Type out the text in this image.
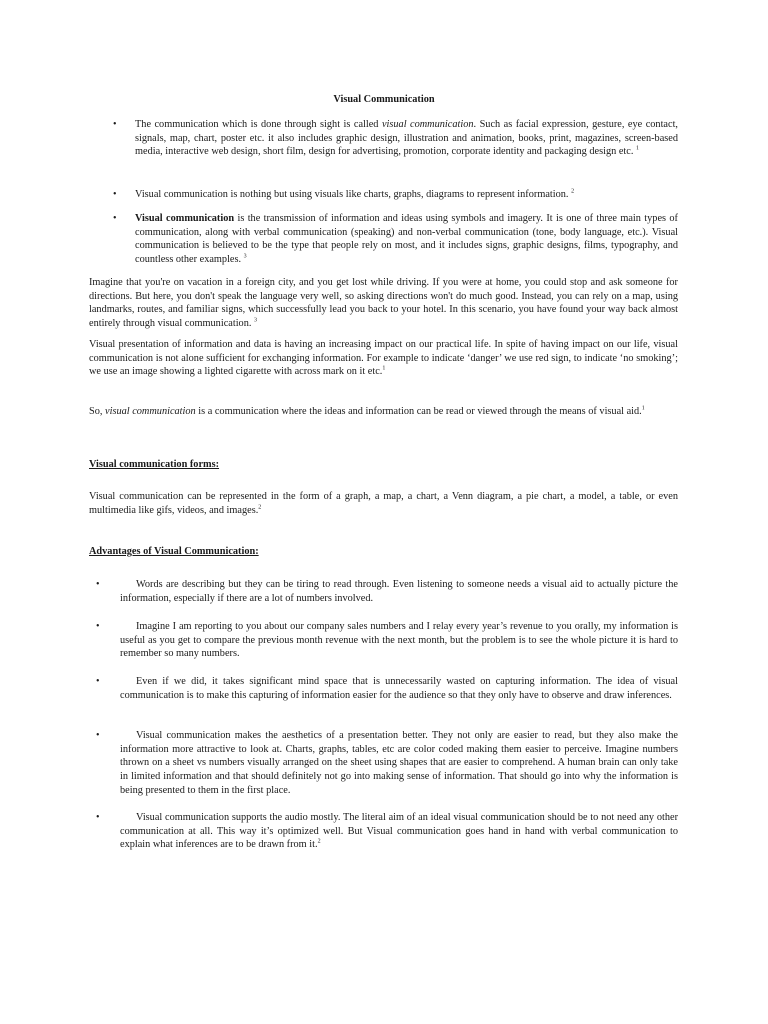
Visual Communication

• The communication which is done through sight is called visual communication. Such as facial expression, gesture, eye contact, signals, map, chart, poster etc. it also includes graphic design, illustration and animation, books, print, magazines, screen-based media, interactive web design, short film, design for advertising, promotion, corporate identity and packaging design etc. $^1$
• Visual communication is nothing but using visuals like charts, graphs, diagrams to represent information. $^2$
• Visual communication is the transmission of information and ideas using symbols and imagery. It is one of three main types of communication, along with verbal communication (speaking) and non-verbal communication (tone, body language, etc.). Visual communication is believed to be the type that people rely on most, and it includes signs, graphic designs, films, typography, and countless other examples. $^3$

Imagine that you're on vacation in a foreign city, and you get lost while driving. If you were at home, you could stop and ask someone for directions. But here, you don't speak the language very well, so asking directions won't do much good. Instead, you can rely on a map, using landmarks, routes, and familiar signs, which successfully lead you back to your hotel. In this scenario, you have found your way back almost entirely through visual communication. $^3$

Visual presentation of information and data is having an increasing impact on our practical life. In spite of having impact on our life, visual communication is not alone sufficient for exchanging information. For example to indicate ‘danger’ we use red sign, to indicate ‘no smoking’; we use an image showing a lighted cigarette with across mark on it etc.$^1$

So, visual communication is a communication where the ideas and information can be read or viewed through the means of visual aid.$^1$

Visual communication forms:

Visual communication can be represented in the form of a graph, a map, a chart, a Venn diagram, a pie chart, a model, a table, or even multimedia like gifs, videos, and images.$^2$

Advantages of Visual Communication:

•	Words are describing but they can be tiring to read through. Even listening to someone needs a visual aid to actually picture the information, especially if there are a lot of numbers involved.
•	Imagine I am reporting to you about our company sales numbers and I relay every year’s revenue to you orally, my information is useful as you get to compare the previous month revenue with the next month, but the problem is to see the whole picture it is hard to remember so many numbers.
•	Even if we did, it takes significant mind space that is unnecessarily wasted on capturing information. The idea of visual communication is to make this capturing of information easier for the audience so that they only have to observe and draw inferences.
•	Visual communication makes the aesthetics of a presentation better. They not only are easier to read, but they also make the information more attractive to look at. Charts, graphs, tables, etc are color coded making them easier to perceive. Imagine numbers thrown on a sheet vs numbers visually arranged on the sheet using shapes that are easier to comprehend. A human brain can only take in limited information and that should definitely not go into making sense of information. That should go into why the information is being presented to them in the first place.
•	Visual communication supports the audio mostly. The literal aim of an ideal visual communication should be to not need any other communication at all. This way it’s optimized well. But Visual communication goes hand in hand with verbal communication to explain what inferences are to be drawn from it.$^2$
